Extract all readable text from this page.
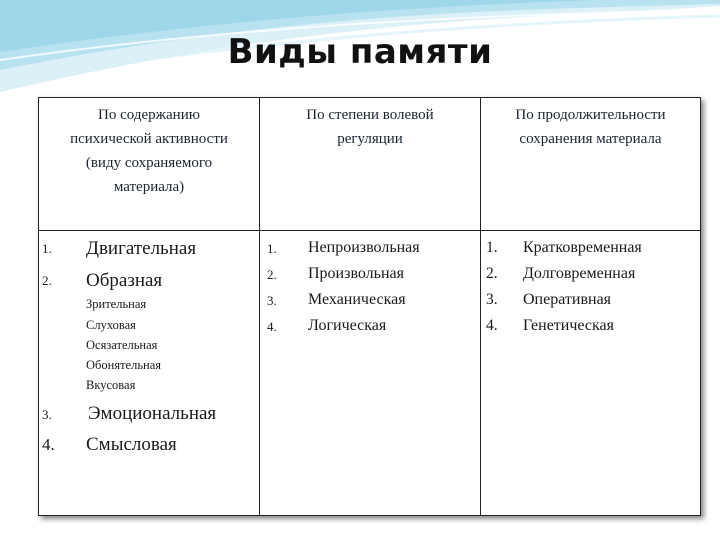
Виды памяти
По содержанию
психической активности
(виду сохраняемого
материала)
По степени волевой
регуляции
По продолжительности
сохранения материала
1. Двигательная
2. Образная
Зрительная
Слуховая
Осязательная
Обонятельная
Вкусовая
3. Эмоциональная
4. Смысловая
1. Непроизвольная
2. Произвольная
3. Механическая
4. Логическая
1. Кратковременная
2. Долговременная
3. Оперативная
4. Генетическая
